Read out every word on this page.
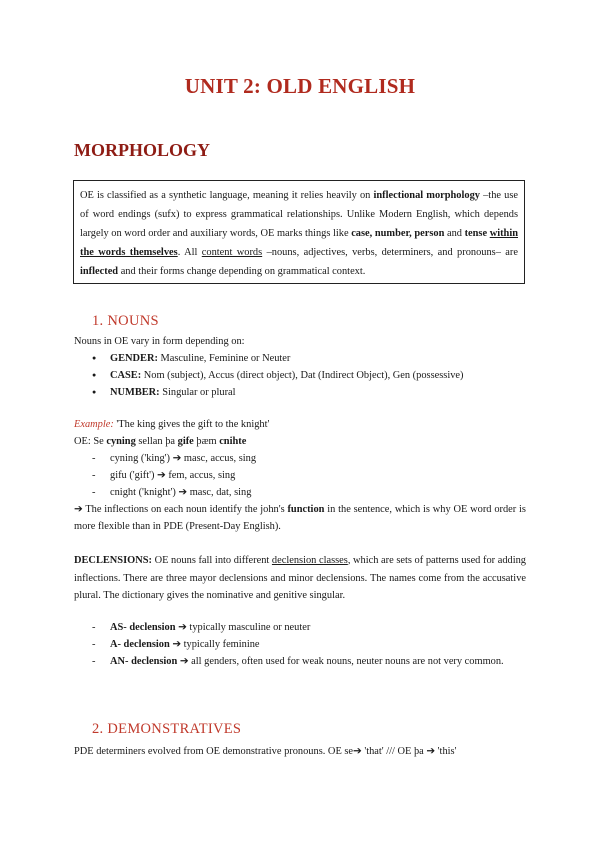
UNIT 2: OLD ENGLISH
MORPHOLOGY
OE is classified as a synthetic language, meaning it relies heavily on inflectional morphology –the use of word endings (sufx) to express grammatical relationships. Unlike Modern English, which depends largely on word order and auxiliary words, OE marks things like case, number, person and tense within the words themselves. All content words –nouns, adjectives, verbs, determiners, and pronouns– are inflected and their forms change depending on grammatical context.
1. NOUNS
Nouns in OE vary in form depending on:
● GENDER: Masculine, Feminine or Neuter
● CASE: Nom (subject), Accus (direct object), Dat (Indirect Object), Gen (possessive)
● NUMBER: Singular or plural
Example: 'The king gives the gift to the knight'
OE: Se cyning sellan þa gife þæm cnihte
- cyning ('king') ➔ masc, accus, sing
- gifu ('gift') ➔ fem, accus, sing
- cnight ('knight') ➔ masc, dat, sing
➔ The inflections on each noun identify the john's function in the sentence, which is why OE word order is more flexible than in PDE (Present-Day English).
DECLENSIONS: OE nouns fall into different declension classes, which are sets of patterns used for adding inflections. There are three mayor declensions and minor declensions. The names come from the accusative plural. The dictionary gives the nominative and genitive singular.
- AS- declension ➔ typically masculine or neuter
- A- declension ➔ typically feminine
- AN- declension ➔ all genders, often used for weak nouns, neuter nouns are not very common.
2. DEMONSTRATIVES
PDE determiners evolved from OE demonstrative pronouns. OE se➔ 'that' /// OE þa ➔ 'this'
